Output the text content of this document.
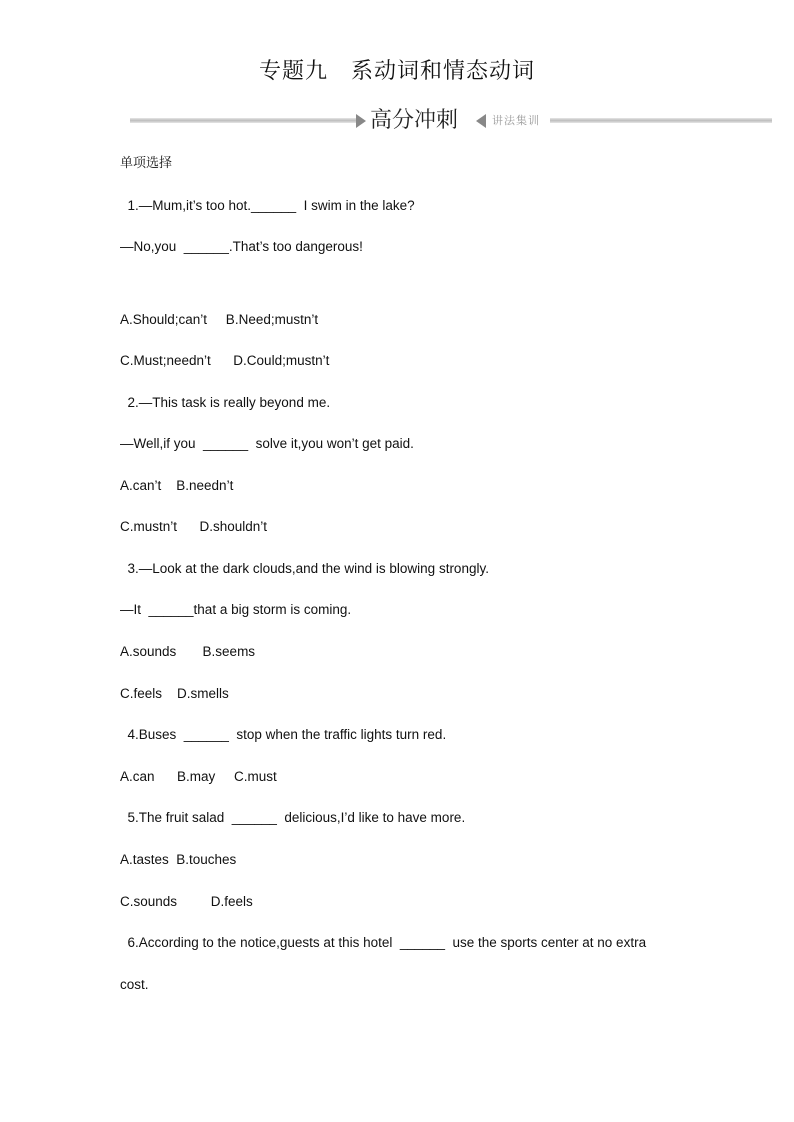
专题九　系动词和情态动词
高分冲刺	讲法集训
单项选择
1.—Mum,it’s too hot.______  I swim in the lake?
—No,you  ______.That’s too dangerous!
A.Should;can’t     B.Need;mustn’t
C.Must;needn’t      D.Could;mustn’t
2.—This task is really beyond me.
—Well,if you  ______  solve it,you won’t get paid.
A.can’t    B.needn’t
C.mustn’t      D.shouldn’t
3.—Look at the dark clouds,and the wind is blowing strongly.
—It  ______that a big storm is coming.
A.sounds       B.seems
C.feels    D.smells
4.Buses  ______  stop when the traffic lights turn red.
A.can      B.may     C.must
5.The fruit salad  ______  delicious,I’d like to have more.
A.tastes  B.touches
C.sounds         D.feels
6.According to the notice,guests at this hotel  ______  use the sports center at no extra
cost.
